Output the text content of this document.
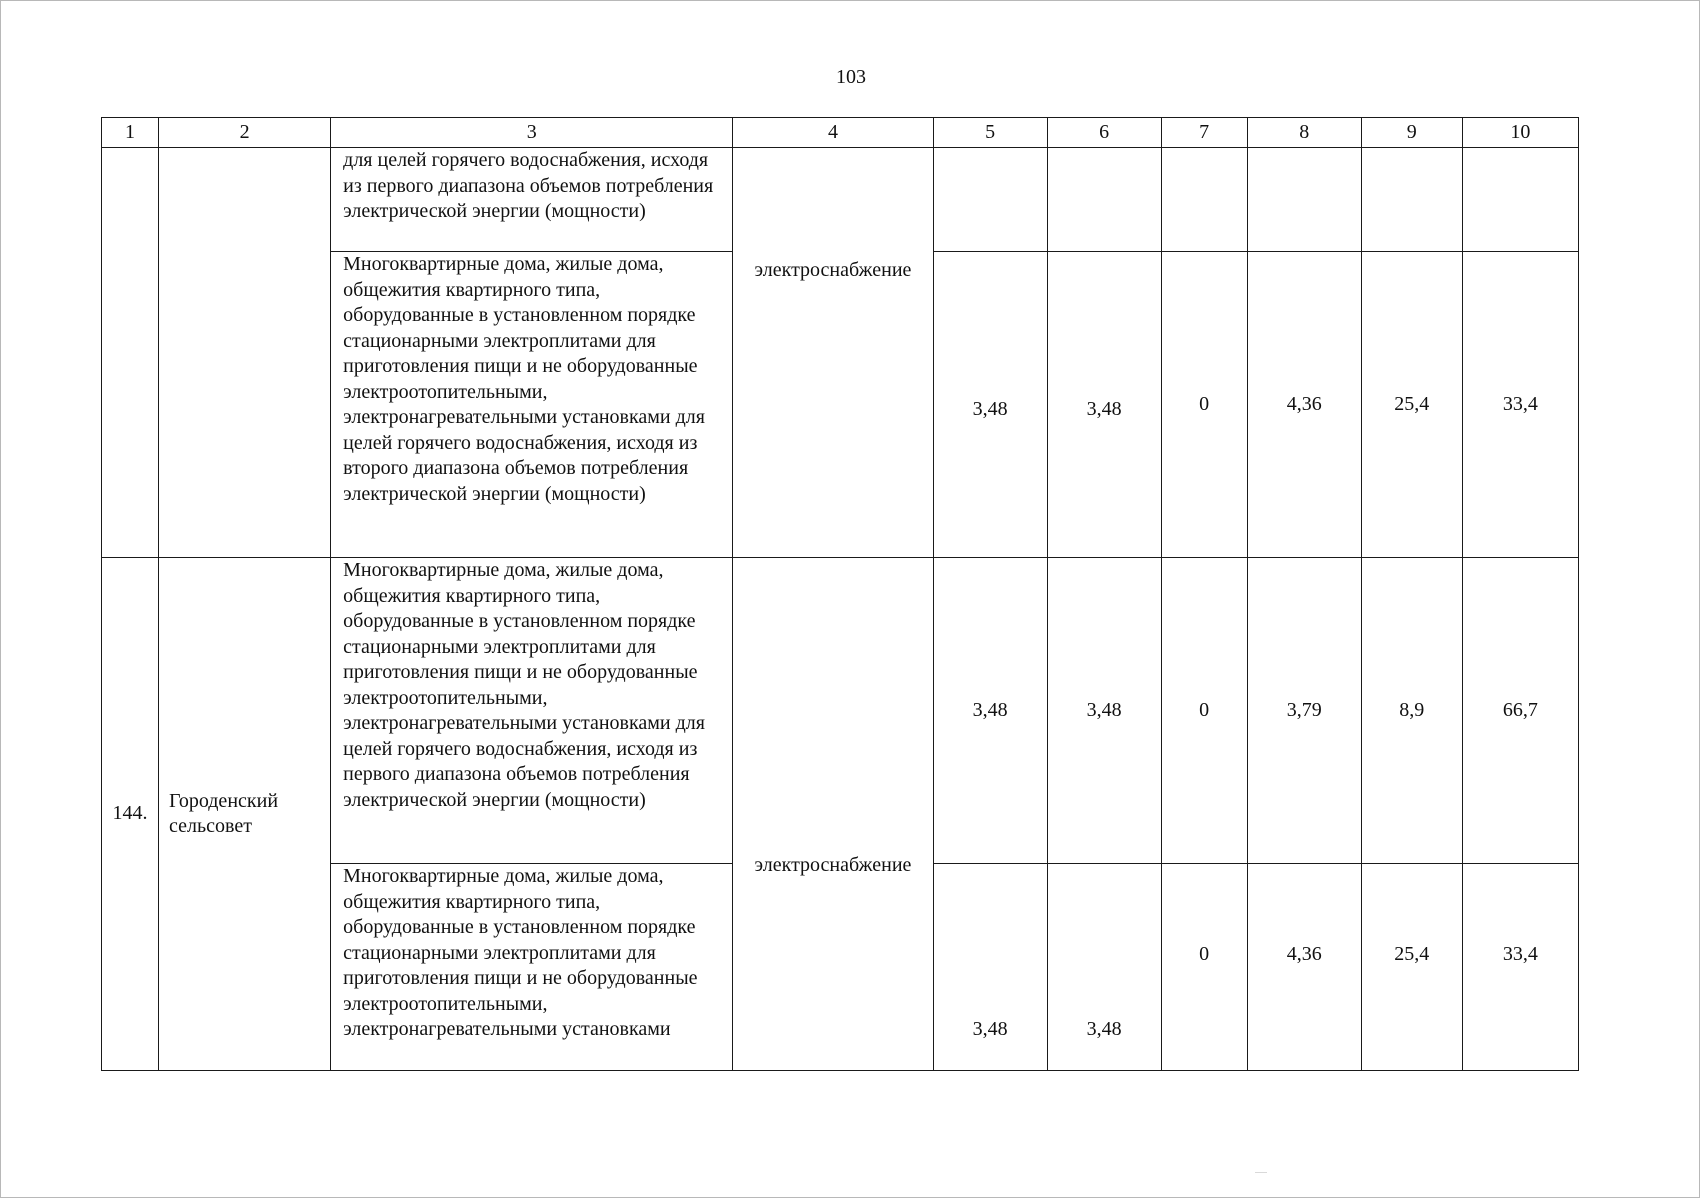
103
1	2	3	4	5	6	7	8	9	10
		для целей горячего водоснабжения, исходя из первого диапазона объемов потребления электрической энергии (мощности)	электроснабжение						
		Многоквартирные дома, жилые дома, общежития квартирного типа, оборудованные в установленном порядке стационарными электроплитами для приготовления пищи и не оборудованные электроотопительными, электронагревательными установками для целей горячего водоснабжения, исходя из второго диапазона объемов потребления электрической энергии (мощности)		3,48	3,48	0	4,36	25,4	33,4
144.	Городенский сельсовет	Многоквартирные дома, жилые дома, общежития квартирного типа, оборудованные в установленном порядке стационарными электроплитами для приготовления пищи и не оборудованные электроотопительными, электронагревательными установками для целей горячего водоснабжения, исходя из первого диапазона объемов потребления электрической энергии (мощности)	электроснабжение	3,48	3,48	0	3,79	8,9	66,7
		Многоквартирные дома, жилые дома, общежития квартирного типа, оборудованные в установленном порядке стационарными электроплитами для приготовления пищи и не оборудованные электроотопительными, электронагревательными установками		3,48	3,48	0	4,36	25,4	33,4
